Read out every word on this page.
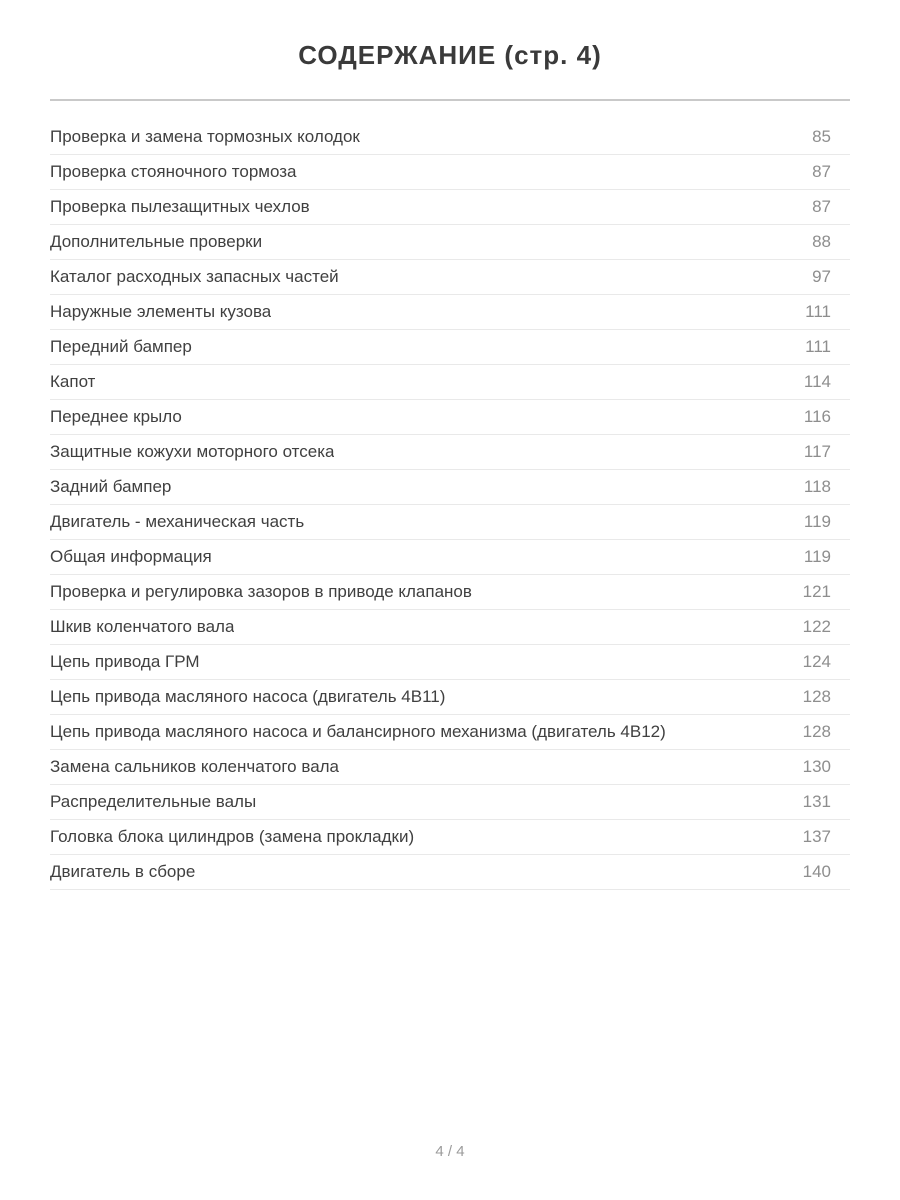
СОДЕРЖАНИЕ (стр. 4)
Проверка и замена тормозных колодок	85
Проверка стояночного тормоза	87
Проверка пылезащитных чехлов	87
Дополнительные проверки	88
Каталог расходных запасных частей	97
Наружные элементы кузова	111
Передний бампер	111
Капот	114
Переднее крыло	116
Защитные кожухи моторного отсека	117
Задний бампер	118
Двигатель - механическая часть	119
Общая информация	119
Проверка и регулировка зазоров в приводе клапанов	121
Шкив коленчатого вала	122
Цепь привода ГРМ	124
Цепь привода масляного насоса (двигатель 4B11)	128
Цепь привода масляного насоса и балансирного механизма (двигатель 4B12)	128
Замена сальников коленчатого вала	130
Распределительные валы	131
Головка блока цилиндров (замена прокладки)	137
Двигатель в сборе	140
4 / 4
